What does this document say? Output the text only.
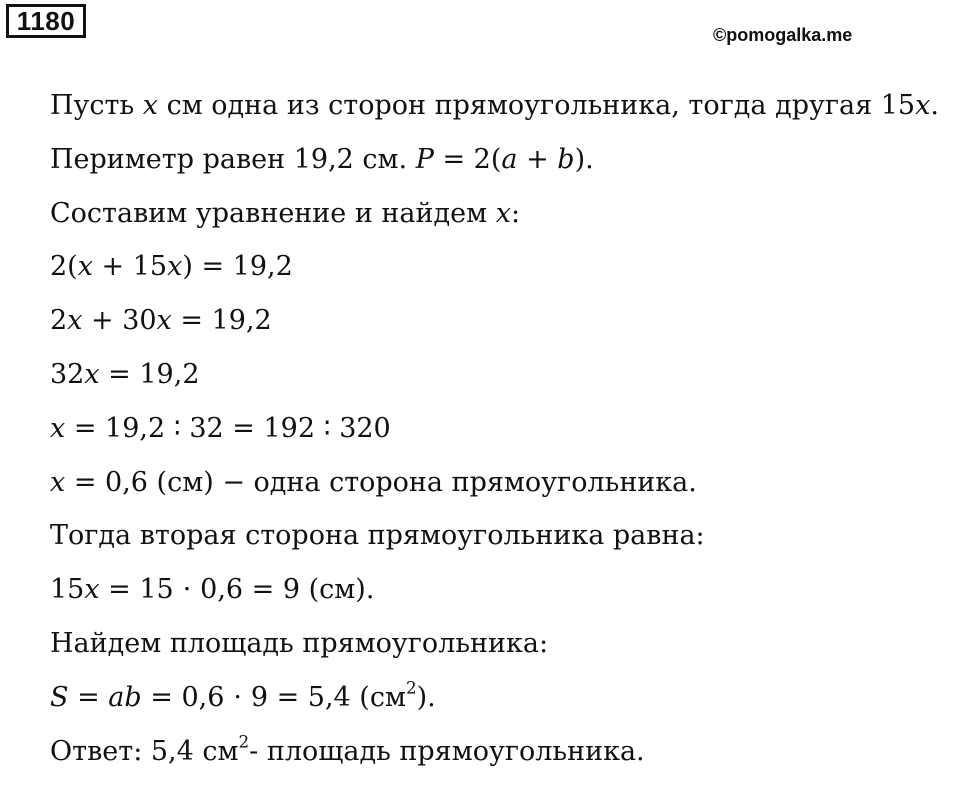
1180	©pomogalka.me
Пусть x см одна из сторон прямоугольника, тогда другая 15x.
Периметр равен 19,2 см. P = 2(a + b).
Составим уравнение и найдем x:
2(x + 15x) = 19,2
2x + 30x = 19,2
32x = 19,2
x = 19,2 ∶ 32 = 192 ∶ 320
x = 0,6 (см) − одна сторона прямоугольника.
Тогда вторая сторона прямоугольника равна:
15x = 15 ⋅ 0,6 = 9 (см).
Найдем площадь прямоугольника:
S = ab = 0,6 ⋅ 9 = 5,4 $(см^2)$.
Ответ: 5,4 $см^2-$ площадь прямоугольника.
